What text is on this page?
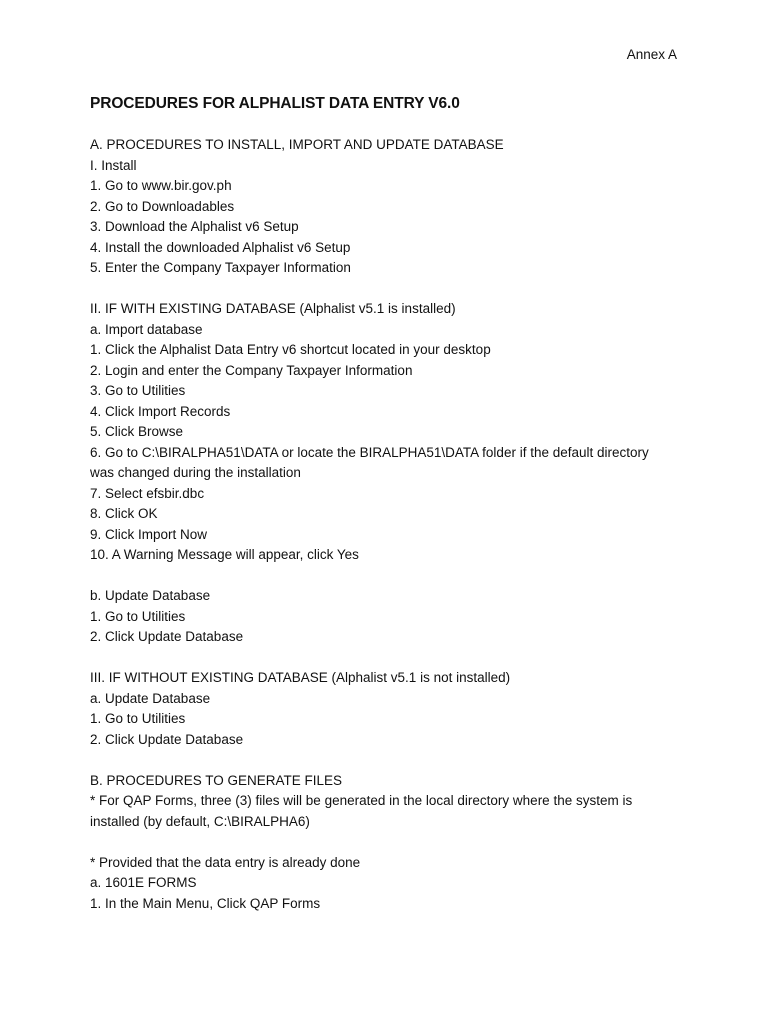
Annex A
PROCEDURES FOR ALPHALIST DATA ENTRY V6.0
A. PROCEDURES TO INSTALL, IMPORT AND UPDATE DATABASE
I. Install
1. Go to www.bir.gov.ph
2. Go to Downloadables
3. Download the Alphalist v6 Setup
4. Install the downloaded Alphalist v6 Setup
5. Enter the Company Taxpayer Information
II. IF WITH EXISTING DATABASE (Alphalist v5.1 is installed)
a. Import database
1. Click the Alphalist Data Entry v6 shortcut located in your desktop
2. Login and enter the Company Taxpayer Information
3. Go to Utilities
4. Click Import Records
5. Click Browse
6. Go to C:\BIRALPHA51\DATA or locate the BIRALPHA51\DATA folder if the default directory
was changed during the installation
7. Select efsbir.dbc
8. Click OK
9. Click Import Now
10. A Warning Message will appear, click Yes
b. Update Database
1. Go to Utilities
2. Click Update Database
III. IF WITHOUT EXISTING DATABASE (Alphalist v5.1 is not installed)
a. Update Database
1. Go to Utilities
2. Click Update Database
B. PROCEDURES TO GENERATE FILES
* For QAP Forms, three (3) files will be generated in the local directory where the system is
installed (by default, C:\BIRALPHA6)
* Provided that the data entry is already done
a. 1601E FORMS
1. In the Main Menu, Click QAP Forms
